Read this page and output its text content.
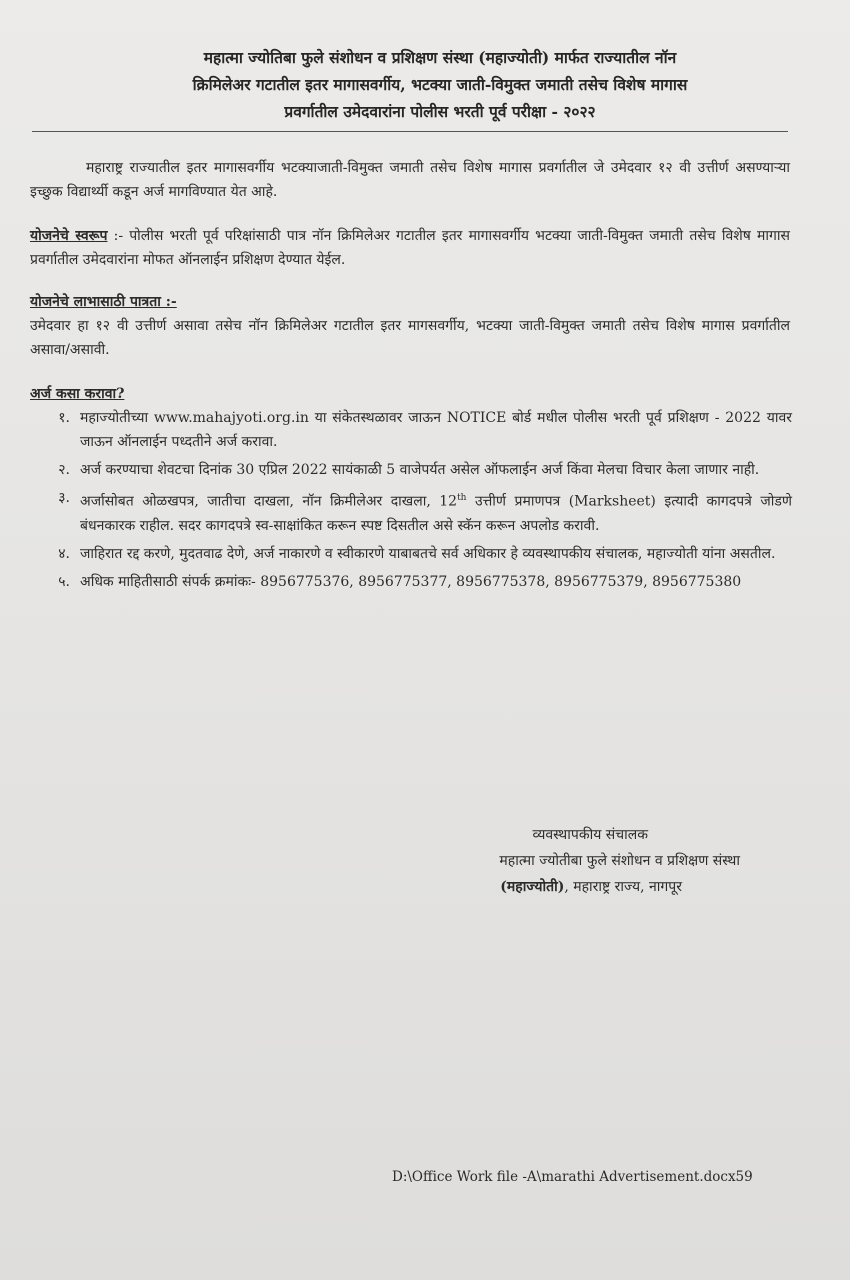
महात्मा ज्योतिबा फुले संशोधन व प्रशिक्षण संस्था (महाज्योती) मार्फत राज्यातील नॉन
क्रिमिलेअर गटातील इतर मागासवर्गीय, भटक्या जाती-विमुक्त जमाती तसेच विशेष मागास
प्रवर्गातील उमेदवारांना पोलीस भरती पूर्व परीक्षा - २०२२
महाराष्ट्र राज्यातील इतर मागासवर्गीय भटक्याजाती-विमुक्त जमाती तसेच विशेष मागास प्रवर्गातील जे उमेदवार १२ वी उत्तीर्ण असण्याऱ्या इच्छुक विद्यार्थ्यी कडून अर्ज मागविण्यात येत आहे.
योजनेचे स्वरूप :- पोलीस भरती पूर्व परिक्षांसाठी पात्र नॉन क्रिमिलेअर गटातील इतर मागासवर्गीय भटक्या जाती-विमुक्त जमाती तसेच विशेष मागास प्रवर्गातील उमेदवारांना मोफत ऑनलाईन प्रशिक्षण देण्यात येईल.
योजनेचे लाभासाठी पात्रता :-
उमेदवार हा १२ वी उत्तीर्ण असावा तसेच नॉन क्रिमिलेअर गटातील इतर मागसवर्गीय, भटक्या जाती-विमुक्त जमाती तसेच विशेष मागास प्रवर्गातील असावा/असावी.
अर्ज कसा करावा?
१. महाज्योतीच्या www.mahajyoti.org.in या संकेतस्थळावर जाऊन NOTICE बोर्ड मधील पोलीस भरती पूर्व प्रशिक्षण - 2022 यावर जाऊन ऑनलाईन पध्दतीने अर्ज करावा.
२. अर्ज करण्याचा शेवटचा दिनांक 30 एप्रिल 2022 सायंकाळी 5 वाजेपर्यत असेल ऑफलाईन अर्ज किंवा मेलचा विचार केला जाणार नाही.
३. अर्जासोबत ओळखपत्र, जातीचा दाखला, नॉन क्रिमीलेअर दाखला, 12th उत्तीर्ण प्रमाणपत्र (Marksheet) इत्यादी कागदपत्रे जोडणे बंधनकारक राहील. सदर कागदपत्रे स्व-साक्षांकित करून स्पष्ट दिसतील असे स्कॅन करून अपलोड करावी.
४. जाहिरात रद्द करणे, मुदतवाढ देणे, अर्ज नाकारणे व स्वीकारणे याबाबतचे सर्व अधिकार हे व्यवस्थापकीय संचालक, महाज्योती यांना असतील.
५. अधिक माहितीसाठी संपर्क क्रमांकः- 8956775376, 8956775377, 8956775378, 8956775379, 8956775380
व्यवस्थापकीय संचालक
महात्मा ज्योतीबा फुले संशोधन व प्रशिक्षण संस्था
(महाज्योती), महाराष्ट्र राज्य, नागपूर
D:\Office Work file -A\marathi Advertisement.docx59
